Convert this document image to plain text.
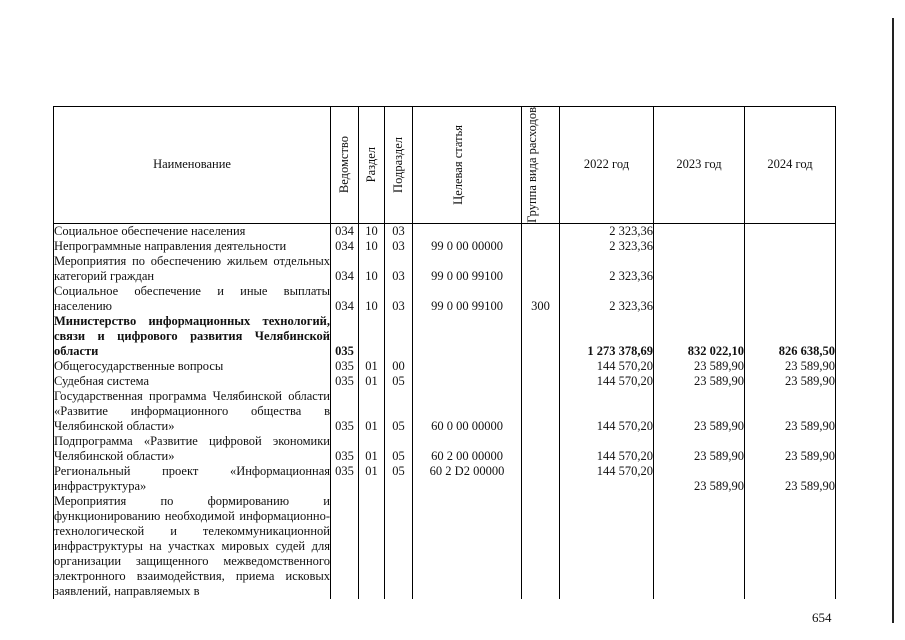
Наименование	Ведомство	Раздел	Подраздел	Целевая статья	Группа вида расходов	2022 год	2023 год	2024 год
Социальное обеспечение населения	034	10	03			2 323,36		
Непрограммные направления деятельности	034	10	03	99 0 00 00000		2 323,36		
Мероприятия по обеспечению жильем отдельных категорий граждан	034	10	03	99 0 00 99100		2 323,36		
Социальное обеспечение и иные выплаты населению	034	10	03	99 0 00 99100	300	2 323,36		
Министерство информационных технологий, связи и цифрового развития Челябинской области	035					1 273 378,69	832 022,10	826 638,50
Общегосударственные вопросы	035	01	00			144 570,20	23 589,90	23 589,90
Судебная система	035	01	05			144 570,20	23 589,90	23 589,90
Государственная программа Челябинской области «Развитие информационного общества в Челябинской области»	035	01	05	60 0 00 00000		144 570,20	23 589,90	23 589,90
Подпрограмма «Развитие цифровой экономики Челябинской области»	035	01	05	60 2 00 00000		144 570,20	23 589,90	23 589,90
Региональный проект «Информационная инфраструктура»	035	01	05	60 2 D2 00000		144 570,20	23 589,90	23 589,90
Мероприятия по формированию и функционированию необходимой информационно-технологической и телекоммуникационной инфраструктуры на участках мировых судей для организации защищенного межведомственного электронного взаимодействия, приема исковых заявлений, направляемых в								
654
